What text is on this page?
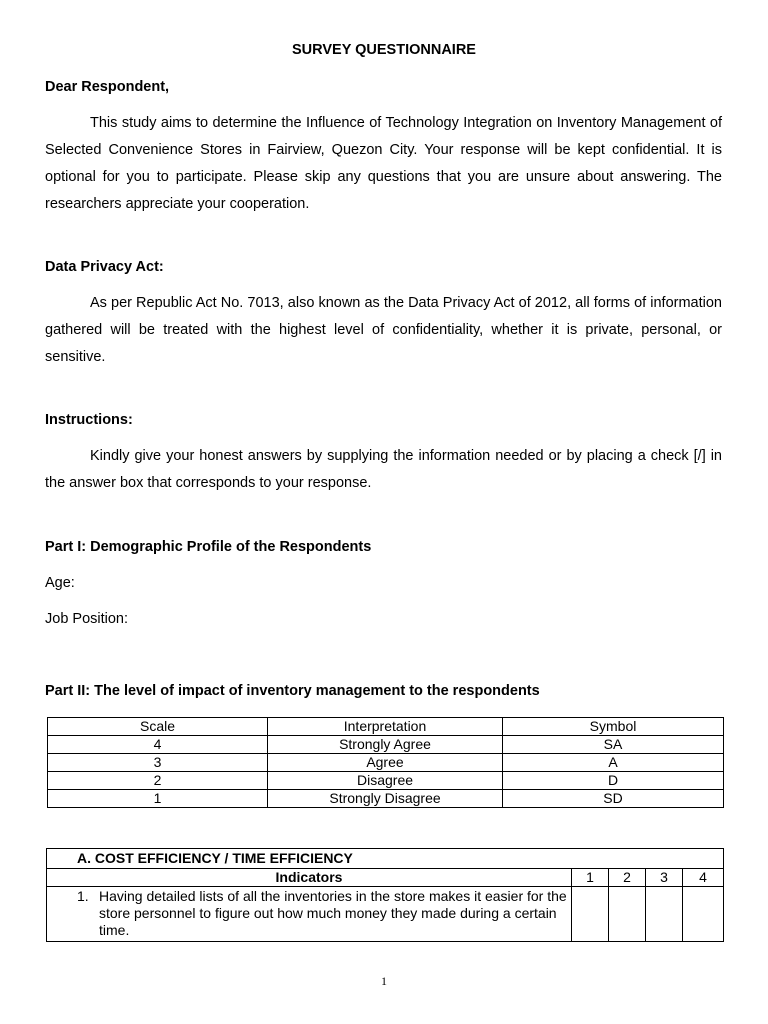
SURVEY QUESTIONNAIRE
Dear Respondent,
This study aims to determine the Influence of Technology Integration on Inventory Management of Selected Convenience Stores in Fairview, Quezon City. Your response will be kept confidential. It is optional for you to participate. Please skip any questions that you are unsure about answering. The researchers appreciate your cooperation.
Data Privacy Act:
As per Republic Act No. 7013, also known as the Data Privacy Act of 2012, all forms of information gathered will be treated with the highest level of confidentiality, whether it is private, personal, or sensitive.
Instructions:
Kindly give your honest answers by supplying the information needed or by placing a check [/] in the answer box that corresponds to your response.
Part I: Demographic Profile of the Respondents
Age:
Job Position:
Part II: The level of impact of inventory management to the respondents
Scale	Interpretation	Symbol
4	Strongly Agree	SA
3	Agree	A
2	Disagree	D
1	Strongly Disagree	SD
A. COST EFFICIENCY / TIME EFFICIENCY				
Indicators	1	2	3	4

1. Having detailed lists of all the inventories in the store makes it easier for the store personnel to figure out how much money they made during a certain time.				

1
